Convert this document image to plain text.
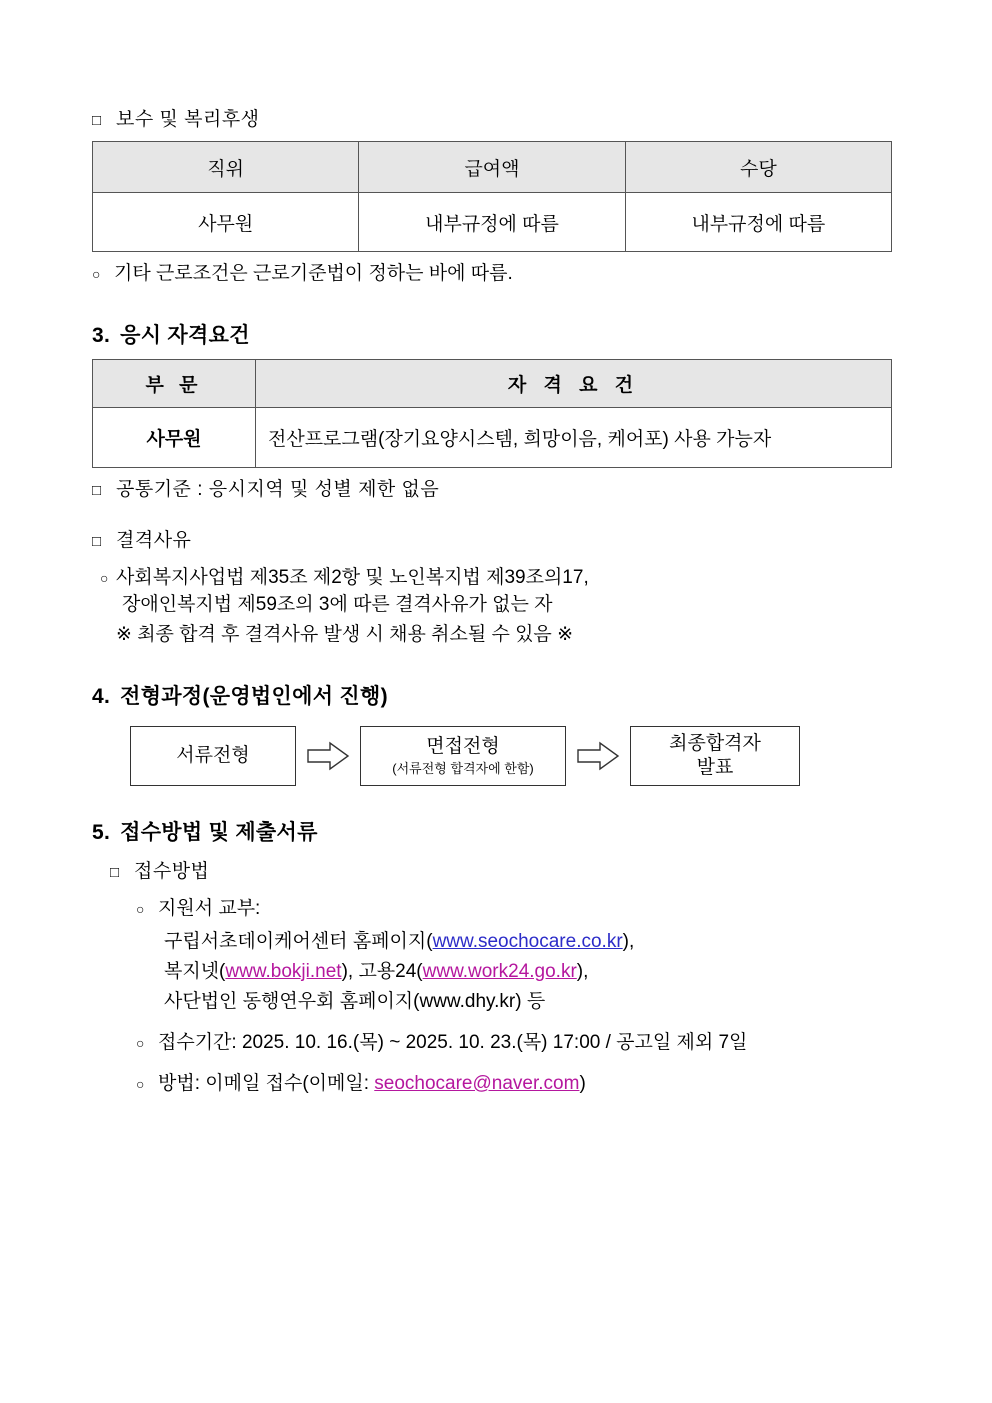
□ 보수 및 복리후생
직위	급여액	수당
사무원	내부규정에 따름	내부규정에 따름
○ 기타 근로조건은 근로기준법이 정하는 바에 따름.
3. 응시 자격요건
부 문	자 격 요 건
사무원	전산프로그램(장기요양시스템, 희망이음, 케어포) 사용 가능자
□ 공통기준 : 응시지역 및 성별 제한 없음
□ 결격사유
○ 사회복지사업법 제35조 제2항 및 노인복지법 제39조의17,
장애인복지법 제59조의 3에 따른 결격사유가 없는 자
※ 최종 합격 후 결격사유 발생 시 채용 취소될 수 있음 ※
4. 전형과정(운영법인에서 진행)
서류전형	면접전형
(서류전형 합격자에 한함)
최종합격자
발표
5. 접수방법 및 제출서류
□ 접수방법
○ 지원서 교부:
구립서초데이케어센터 홈페이지(www.seochocare.co.kr),
복지넷(www.bokji.net), 고용24(www.work24.go.kr),
사단법인 동행연우회 홈페이지(www.dhy.kr) 등
○ 접수기간: 2025. 10. 16.(목) ~ 2025. 10. 23.(목) 17:00 / 공고일 제외 7일
○ 방법: 이메일 접수(이메일: seochocare@naver.com)
